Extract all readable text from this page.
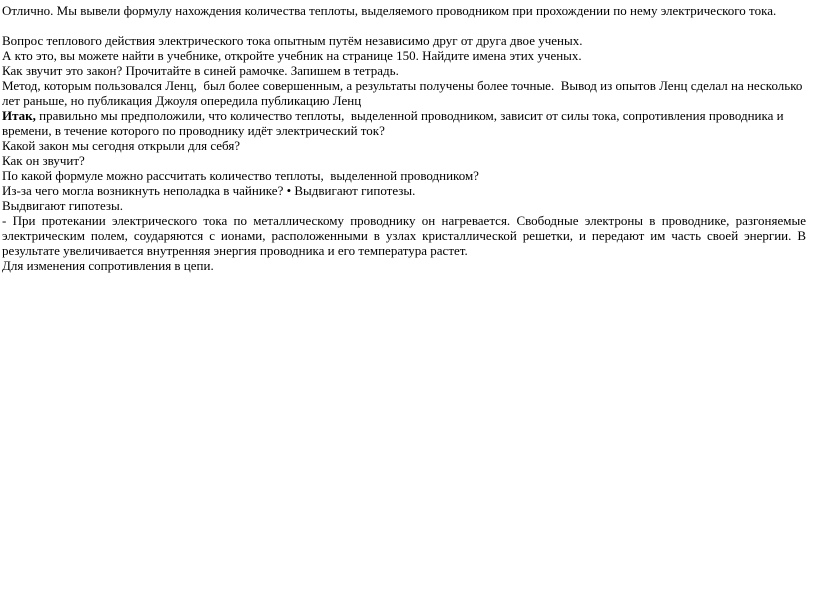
Отлично. Мы вывели формулу нахождения количества теплоты, выделяемого проводником при прохождении по нему электрического тока.

Вопрос теплового действия электрического тока опытным путём независимо друг от друга двое ученых.

А кто это, вы можете найти в учебнике, откройте учебник на странице 150. Найдите имена этих ученых.

Как звучит это закон? Прочитайте в синей рамочке. Запишем в тетрадь.

Метод, которым пользовался Ленц,  был более совершенным, а результаты получены более точные.  Вывод из опытов Ленц сделал на несколько лет раньше, но публикация Джоуля опередила публикацию Ленц

Итак, правильно мы предположили, что количество теплоты,  выделенной проводником, зависит от силы тока, сопротивления проводника и времени, в течение которого по проводнику идёт электрический ток?

Какой закон мы сегодня открыли для себя?

Как он звучит?

По какой формуле можно рассчитать количество теплоты,  выделенной проводником?

Из-за чего могла возникнуть неполадка в чайнике? • Выдвигают гипотезы.

Выдвигают гипотезы.

- При протекании электрического тока по металлическому проводнику он нагревается. Свободные электроны в проводнике, разгоняемые электрическим полем, соударяются с ионами, расположенными в узлах кристаллической решетки, и передают им часть своей энергии. В результате увеличивается внутренняя энергия проводника и его температура растет.

Для изменения сопротивления в цепи.
